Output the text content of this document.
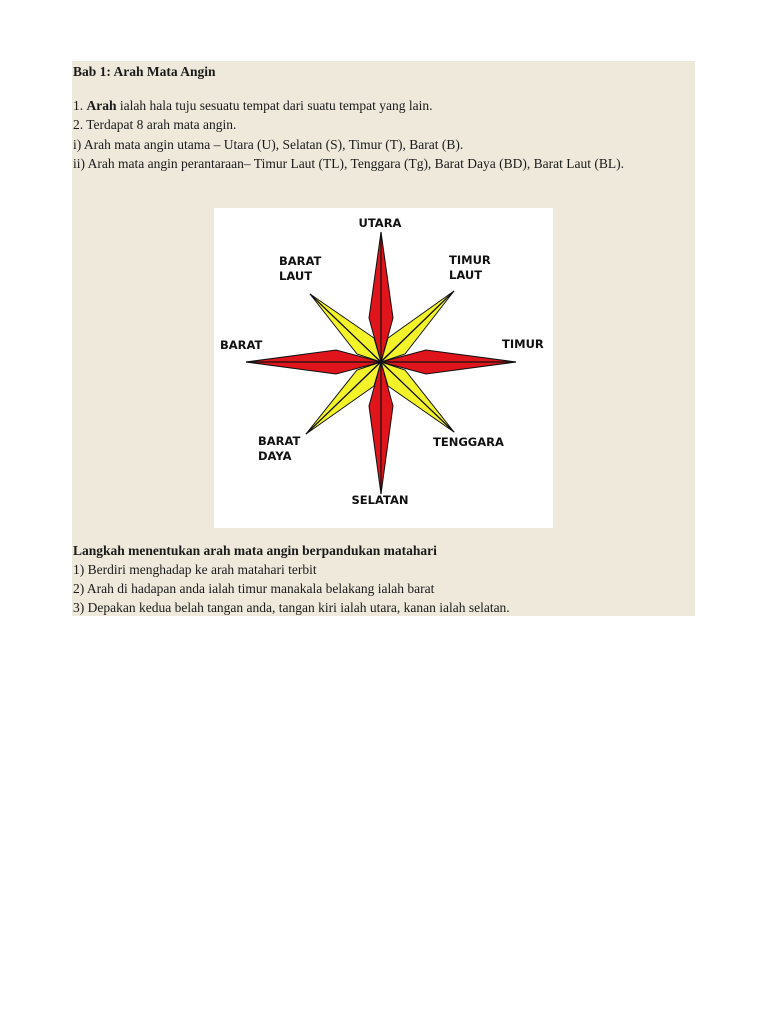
Bab 1: Arah Mata Angin
1. Arah ialah hala tuju sesuatu tempat dari suatu tempat yang lain.
2. Terdapat 8 arah mata angin.
i) Arah mata angin utama – Utara (U), Selatan (S), Timur (T), Barat (B).
ii) Arah mata angin perantaraan– Timur Laut (TL), Tenggara (Tg), Barat Daya (BD), Barat Laut (BL).
UTARA
SELATAN
TIMUR
BARAT
TIMUR
LAUT
BARAT
LAUT
BARAT
DAYA
TENGGARA
Langkah menentukan arah mata angin berpandukan matahari
1) Berdiri menghadap ke arah matahari terbit
2) Arah di hadapan anda ialah timur manakala belakang ialah barat
3) Depakan kedua belah tangan anda, tangan kiri ialah utara, kanan ialah selatan.
